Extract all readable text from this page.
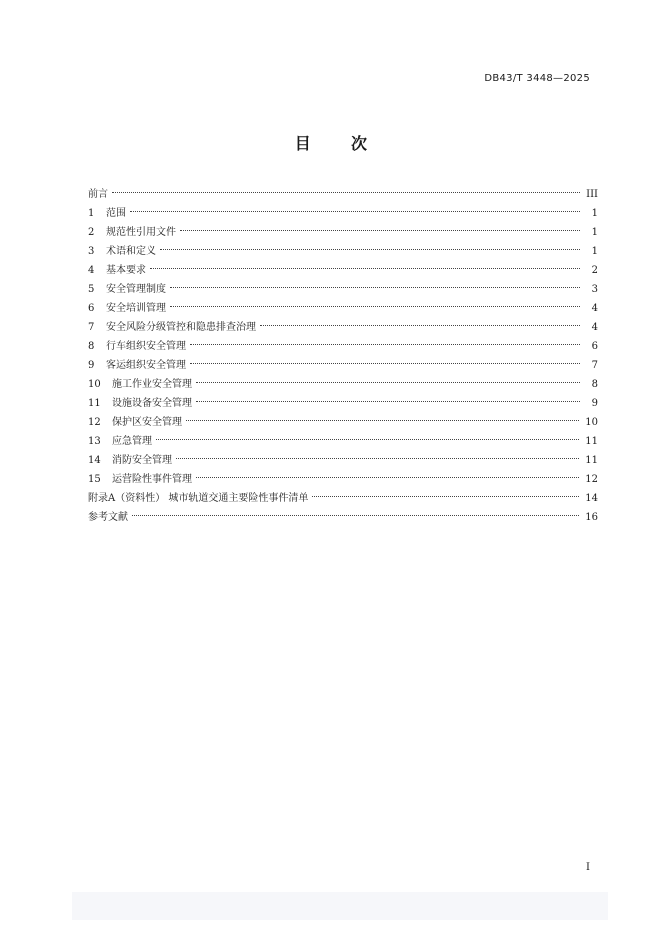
DB43/T 3448—2025
目	次
前言	III
1 范围	1
2 规范性引用文件	1
3 术语和定义	1
4 基本要求	2
5 安全管理制度	3
6 安全培训管理	4
7 安全风险分级管控和隐患排查治理	4
8 行车组织安全管理	6
9 客运组织安全管理	7
10 施工作业安全管理	8
11 设施设备安全管理	9
12 保护区安全管理	10
13 应急管理	11
14 消防安全管理	11
15 运营险性事件管理	12
附录A（资料性） 城市轨道交通主要险性事件清单	14
参考文献	16
I
